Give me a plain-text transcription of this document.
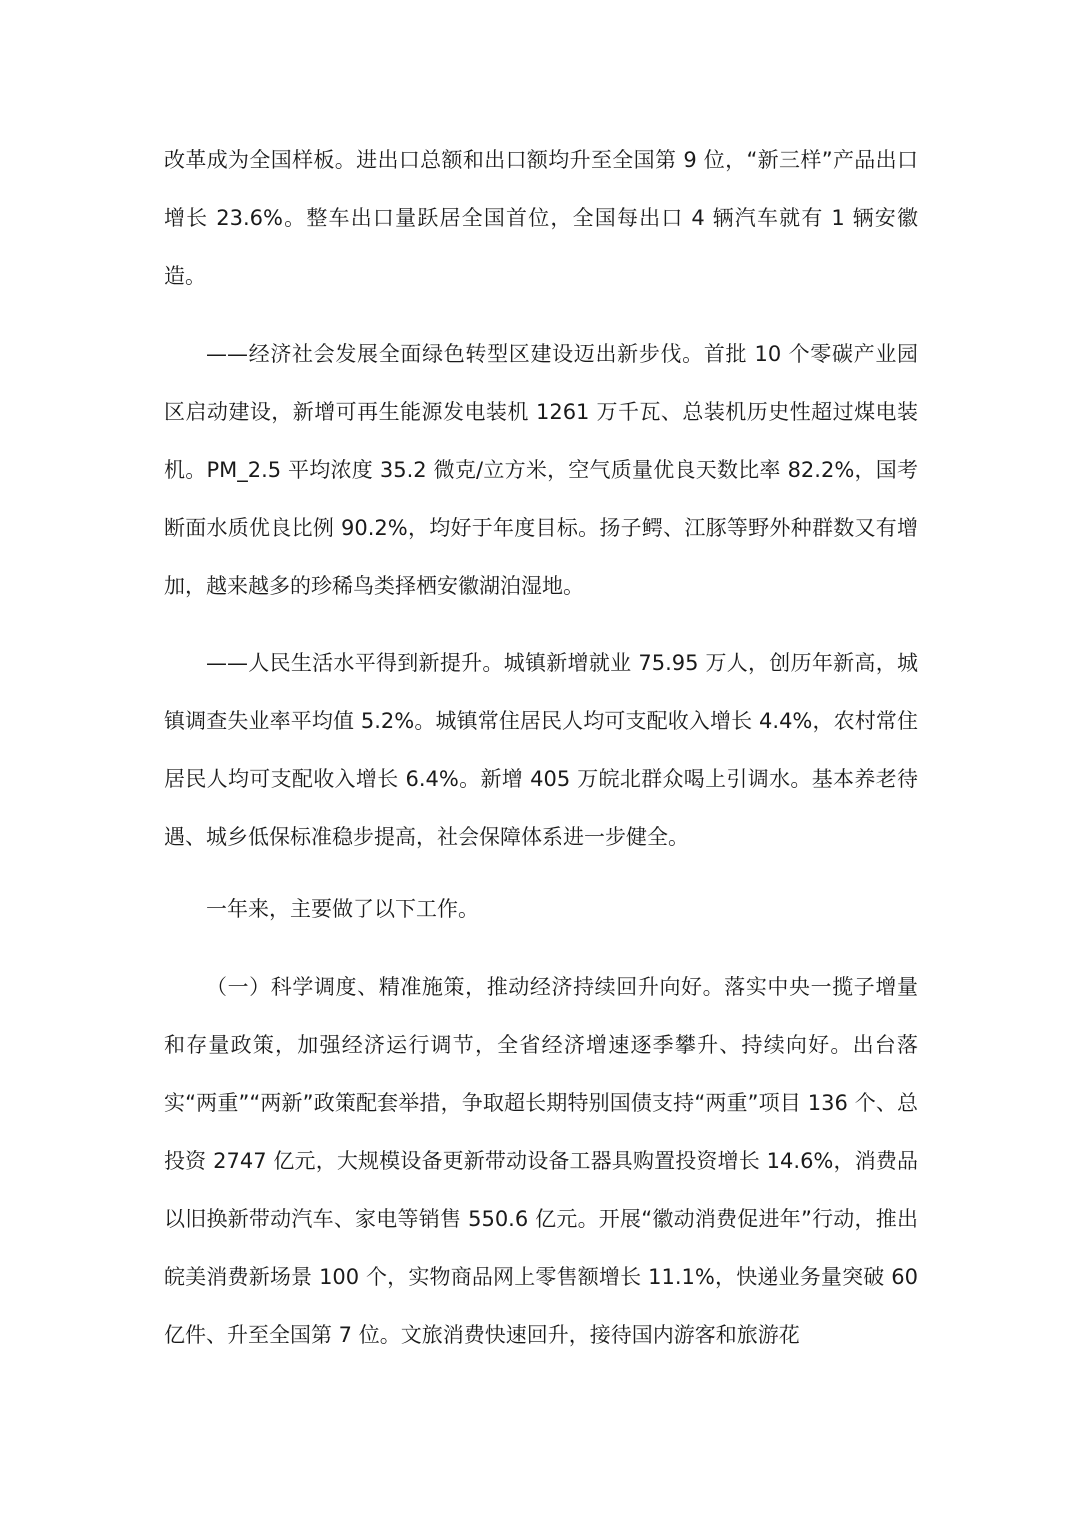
改革成为全国样板。进出口总额和出口额均升至全国第 9 位，“新三样”产品出口增长 23.6%。整车出口量跃居全国首位，全国每出口 4 辆汽车就有 1 辆安徽造。

——经济社会发展全面绿色转型区建设迈出新步伐。首批 10 个零碳产业园区启动建设，新增可再生能源发电装机 1261 万千瓦、总装机历史性超过煤电装机。PM_2.5 平均浓度 35.2 微克/立方米，空气质量优良天数比率 82.2%，国考断面水质优良比例 90.2%，均好于年度目标。扬子鳄、江豚等野外种群数又有增加，越来越多的珍稀鸟类择栖安徽湖泊湿地。

——人民生活水平得到新提升。城镇新增就业 75.95 万人，创历年新高，城镇调查失业率平均值 5.2%。城镇常住居民人均可支配收入增长 4.4%，农村常住居民人均可支配收入增长 6.4%。新增 405 万皖北群众喝上引调水。基本养老待遇、城乡低保标准稳步提高，社会保障体系进一步健全。

一年来，主要做了以下工作。

（一）科学调度、精准施策，推动经济持续回升向好。落实中央一揽子增量和存量政策，加强经济运行调节，全省经济增速逐季攀升、持续向好。出台落实“两重”“两新”政策配套举措，争取超长期特别国债支持“两重”项目 136 个、总投资 2747 亿元，大规模设备更新带动设备工器具购置投资增长 14.6%，消费品以旧换新带动汽车、家电等销售 550.6 亿元。开展“徽动消费促进年”行动，推出皖美消费新场景 100 个，实物商品网上零售额增长 11.1%，快递业务量突破 60 亿件、升至全国第 7 位。文旅消费快速回升，接待国内游客和旅游花
